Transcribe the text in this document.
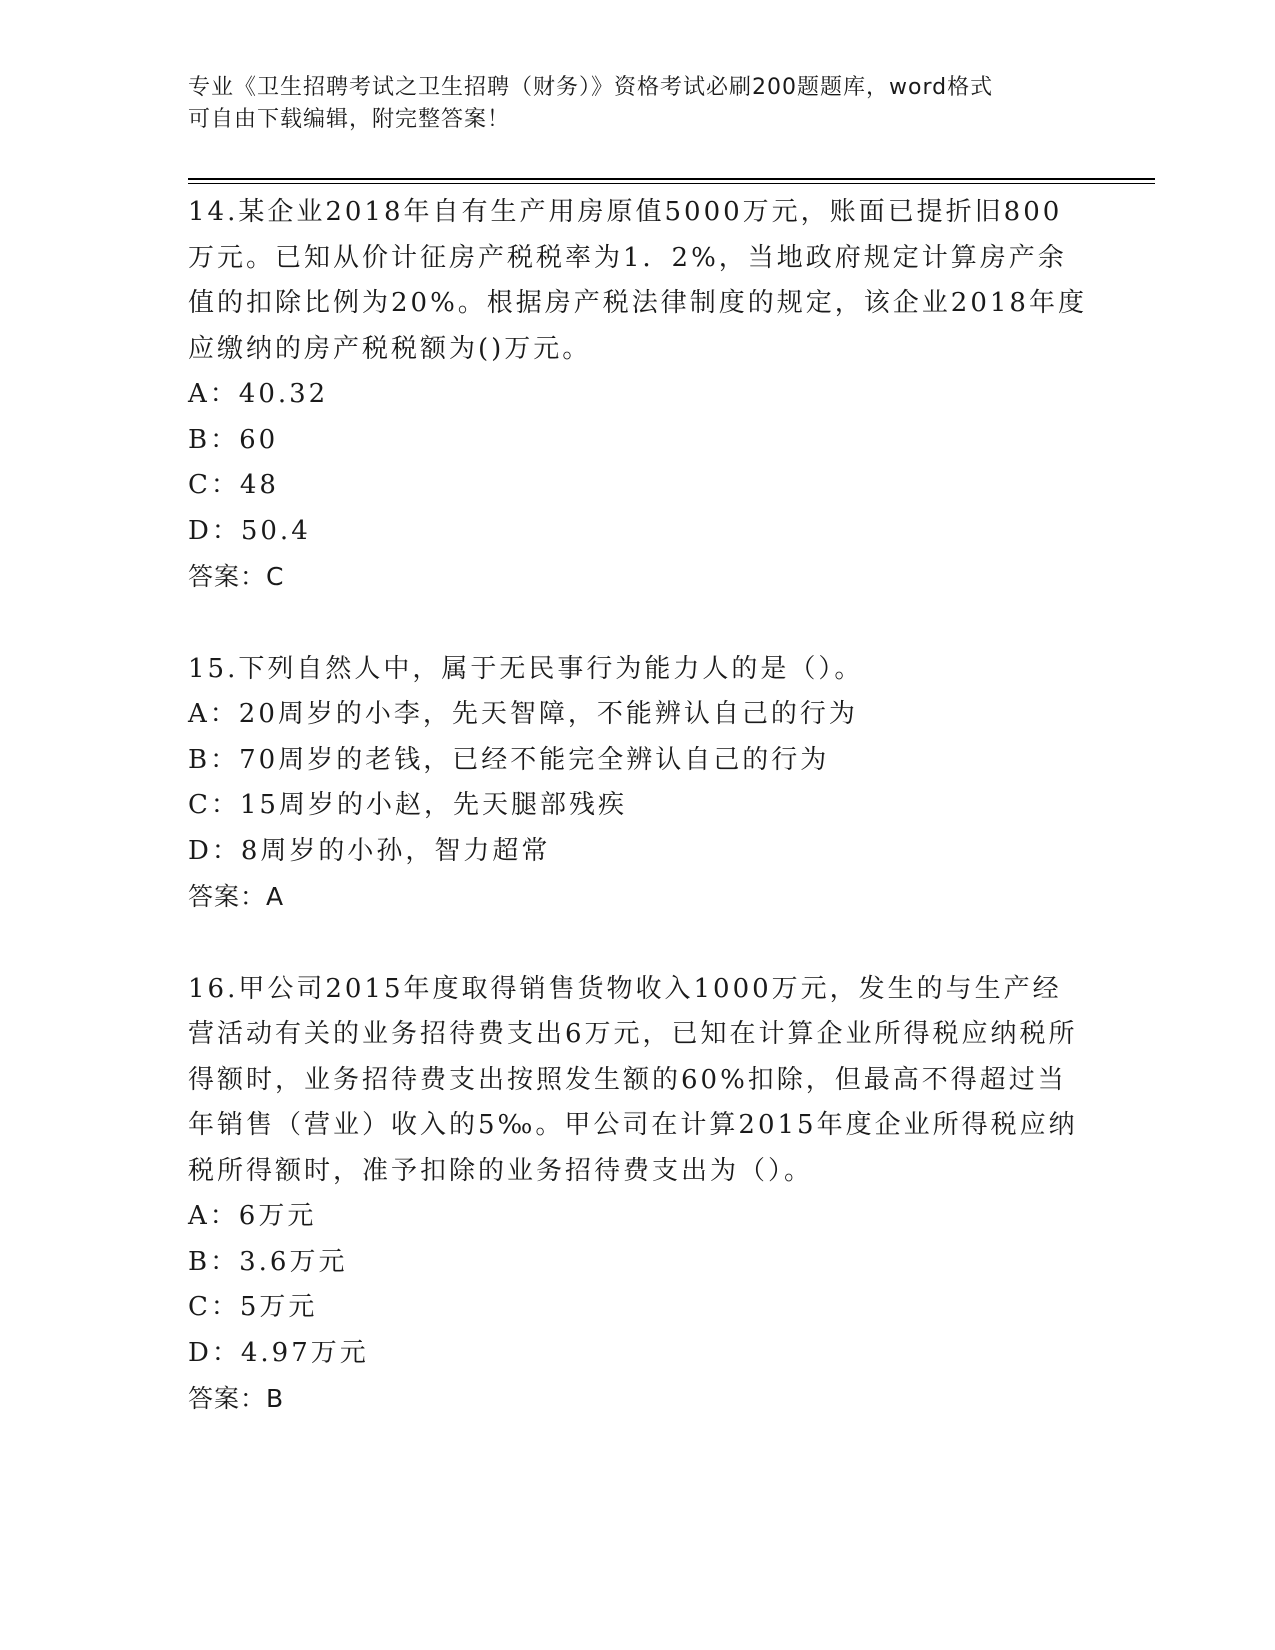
专业《卫生招聘考试之卫生招聘（财务）》资格考试必刷200题题库，word格式
可自由下载编辑，附完整答案！
14.某企业2018年自有生产用房原值5000万元，账面已提折旧800万元。已知从价计征房产税税率为1．2%，当地政府规定计算房产余值的扣除比例为20%。根据房产税法律制度的规定，该企业2018年度应缴纳的房产税税额为()万元。
A：40.32
B：60
C：48
D：50.4
答案：C
15.下列自然人中，属于无民事行为能力人的是（）。
A：20周岁的小李，先天智障，不能辨认自己的行为
B：70周岁的老钱，已经不能完全辨认自己的行为
C：15周岁的小赵，先天腿部残疾
D：8周岁的小孙，智力超常
答案：A
16.甲公司2015年度取得销售货物收入1000万元，发生的与生产经营活动有关的业务招待费支出6万元，已知在计算企业所得税应纳税所得额时，业务招待费支出按照发生额的60%扣除，但最高不得超过当年销售（营业）收入的5‰。甲公司在计算2015年度企业所得税应纳税所得额时，准予扣除的业务招待费支出为（）。
A：6万元
B：3.6万元
C：5万元
D：4.97万元
答案：B
